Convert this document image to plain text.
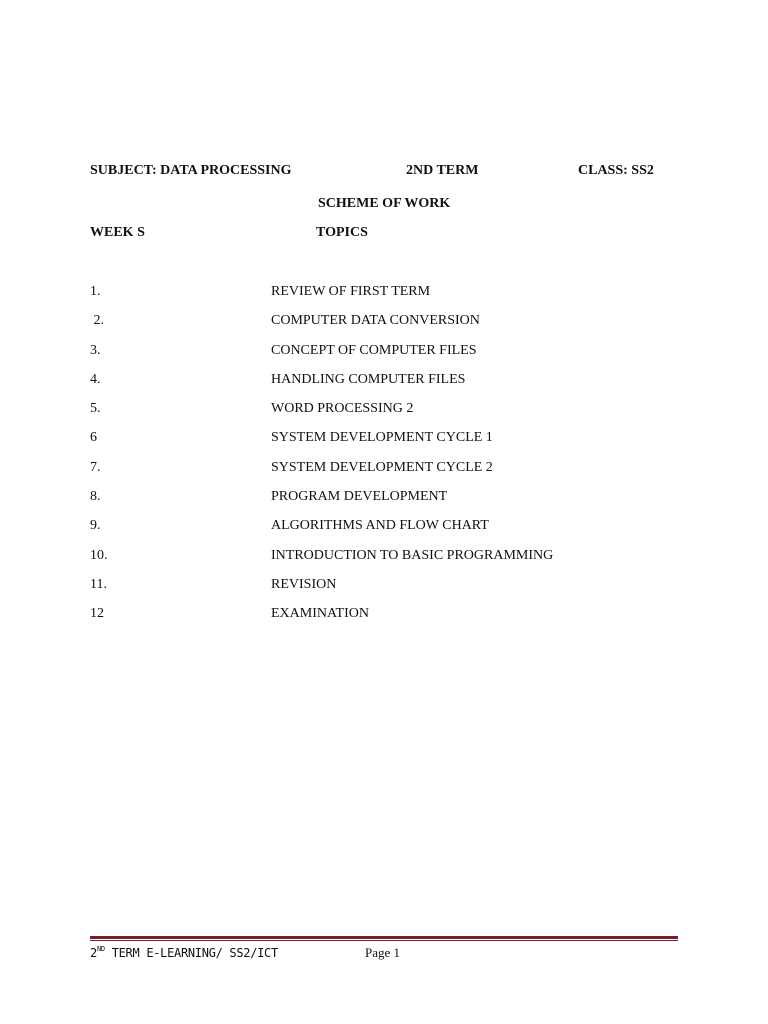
SUBJECT: DATA PROCESSING	2ND TERM	CLASS: SS2
SCHEME OF WORK
WEEK S	TOPICS
1.	REVIEW OF FIRST TERM
2.	COMPUTER DATA CONVERSION
3.	CONCEPT OF COMPUTER FILES
4.	HANDLING COMPUTER FILES
5.	WORD PROCESSING 2
6	SYSTEM DEVELOPMENT CYCLE 1
7.	SYSTEM DEVELOPMENT CYCLE 2
8.	PROGRAM DEVELOPMENT
9.	ALGORITHMS AND FLOW CHART
10.	INTRODUCTION TO BASIC PROGRAMMING
11.	REVISION
12	EXAMINATION
2ND TERM E-LEARNING/ SS2/ICT	Page 1
